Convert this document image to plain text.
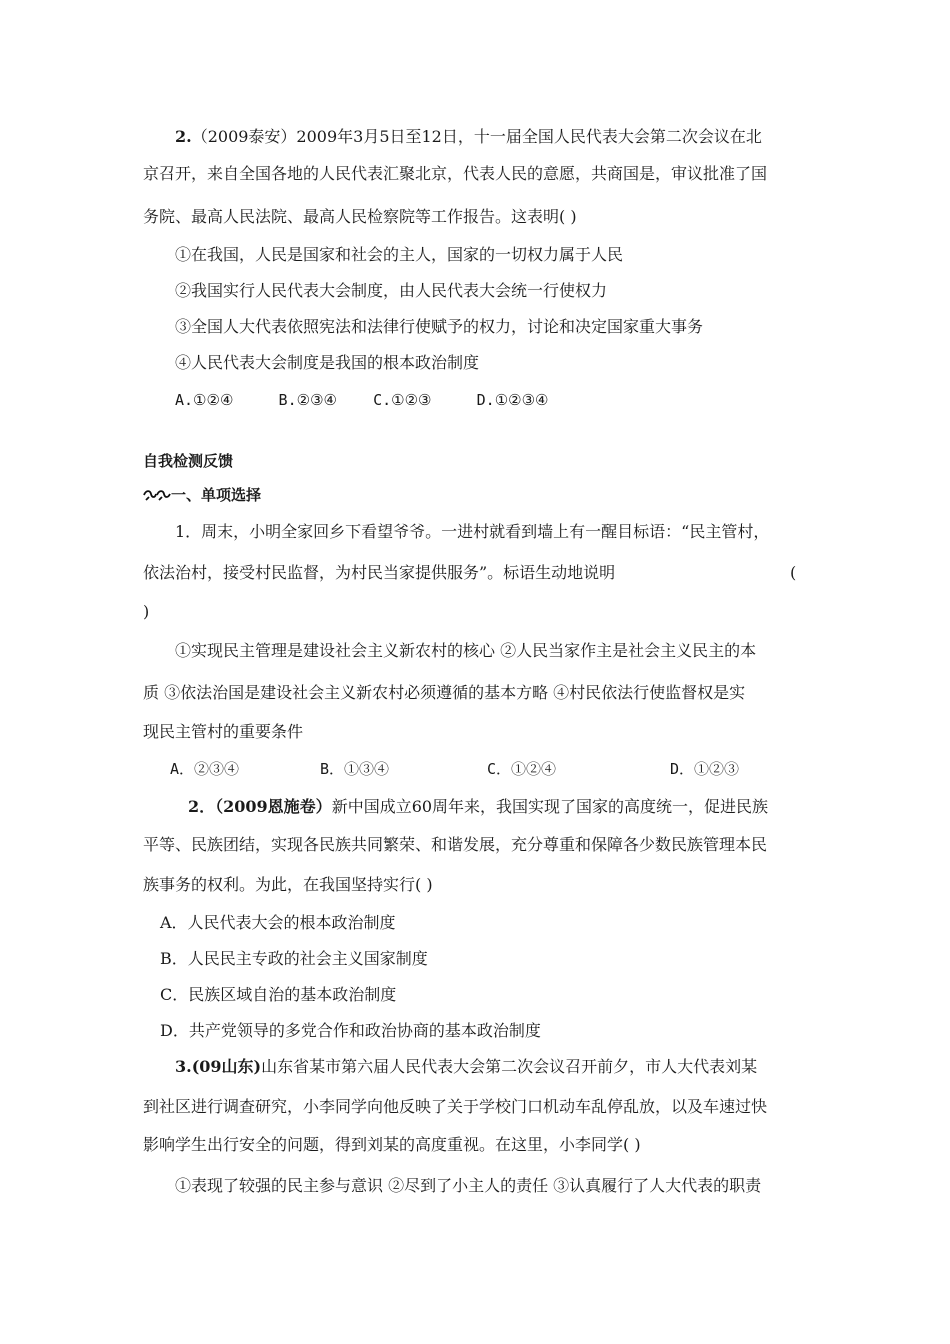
2.（2009泰安）2009年3月5日至12日，十一届全国人民代表大会第二次会议在北
京召开，来自全国各地的人民代表汇聚北京，代表人民的意愿，共商国是，审议批准了国
务院、最高人民法院、最高人民检察院等工作报告。这表明( )
①在我国，人民是国家和社会的主人，国家的一切权力属于人民
②我国实行人民代表大会制度，由人民代表大会统一行使权力
③全国人大代表依照宪法和法律行使赋予的权力，讨论和决定国家重大事务
④人民代表大会制度是我国的根本政治制度
A.①②④     B.②③④    C.①②③     D.①②③④
自我检测反馈
一、单项选择
1．周末，小明全家回乡下看望爷爷。一进村就看到墙上有一醒目标语：“民主管村，
依法治村，接受村民监督，为村民当家提供服务”。标语生动地说明	(
)
①实现民主管理是建设社会主义新农村的核心 ②人民当家作主是社会主义民主的本
质 ③依法治国是建设社会主义新农村必须遵循的基本方略 ④村民依法行使监督权是实
现民主管村的重要条件
A．②③④	B．①③④	C．①②④	D．①②③
2．（2009恩施卷）新中国成立60周年来，我国实现了国家的高度统一，促进民族
平等、民族团结，实现各民族共同繁荣、和谐发展，充分尊重和保障各少数民族管理本民
族事务的权利。为此，在我国坚持实行( )
A．人民代表大会的根本政治制度
B．人民民主专政的社会主义国家制度
C．民族区域自治的基本政治制度
D．共产党领导的多党合作和政治协商的基本政治制度
3.(09山东)山东省某市第六届人民代表大会第二次会议召开前夕，市人大代表刘某
到社区进行调查研究，小李同学向他反映了关于学校门口机动车乱停乱放，以及车速过快
影响学生出行安全的问题，得到刘某的高度重视。在这里，小李同学( )
①表现了较强的民主参与意识 ②尽到了小主人的责任 ③认真履行了人大代表的职责
